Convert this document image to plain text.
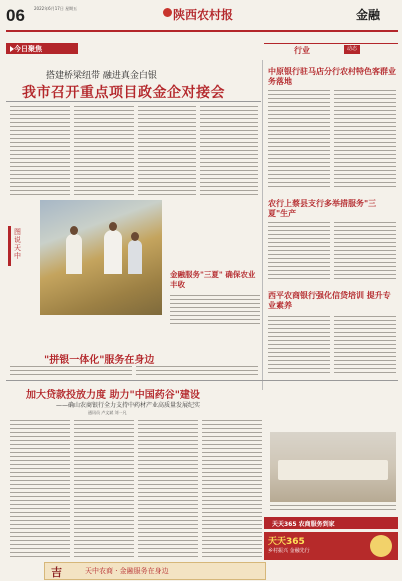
06 2022年6月17日 星期五	陕西农村报	金融
今日聚焦
搭建桥梁纽带 融进真金白银
我市召开重点项目政金企对接会
行业	动态
中原银行驻马店分行农村特色客群业务落地
农行上蔡县支行多举措服务"三夏"生产
西平农商银行强化信贷培训 提升专业素养
图说天中
金融服务"三夏" 确保农业丰收
"拼银一体化"服务在身边
加大贷款投放力度 助力"中国药谷"建设
——确山农商银行全力支持中药材产业高质量发展纪实
通讯员 卢文斌 刘一凡
天天365 农商服务到家
天天365
乡村振兴 金融先行
吉	天中农商 · 金融服务在身边
